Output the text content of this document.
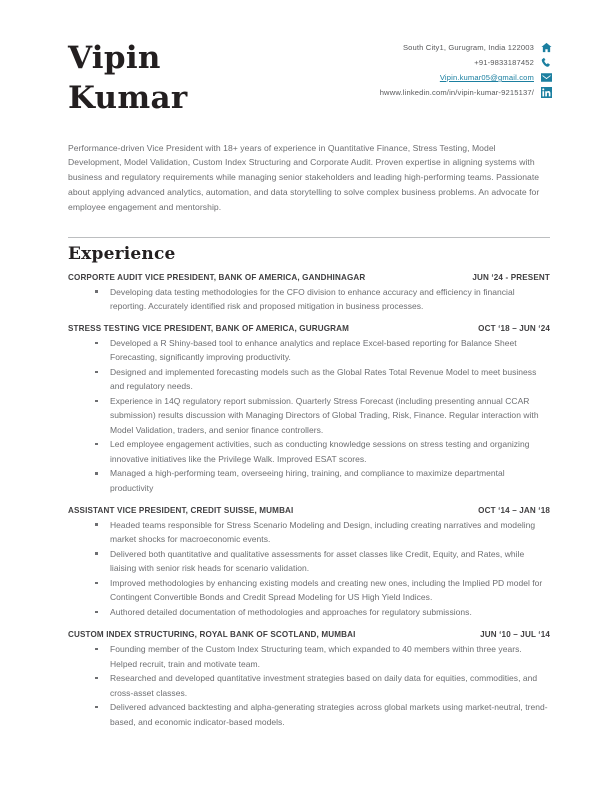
Vipin
Kumar
South City1, Gurugram, India 122003
+91-9833187452
Vipin.kumar05@gmail.com
hwww.linkedin.com/in/vipin-kumar-9215137/
Performance-driven Vice President with 18+ years of experience in Quantitative Finance, Stress Testing, Model Development, Model Validation, Custom Index Structuring and Corporate Audit. Proven expertise in aligning systems with business and regulatory requirements while managing senior stakeholders and leading high-performing teams. Passionate about applying advanced analytics, automation, and data storytelling to solve complex business problems. An advocate for employee engagement and mentorship.
Experience
CORPORTE AUDIT VICE PRESIDENT, BANK OF AMERICA, GANDHINAGAR	JUN ‘24 - PRESENT
Developing data testing methodologies for the CFO division to enhance accuracy and efficiency in financial reporting. Accurately identified risk and proposed mitigation in business processes.
STRESS TESTING VICE PRESIDENT, BANK OF AMERICA, GURUGRAM	OCT ‘18 – JUN ‘24
Developed a R Shiny-based tool to enhance analytics and replace Excel-based reporting for Balance Sheet Forecasting, significantly improving productivity.
Designed and implemented forecasting models such as the Global Rates Total Revenue Model to meet business and regulatory needs.
Experience in 14Q regulatory report submission. Quarterly Stress Forecast (including presenting annual CCAR submission) results discussion with Managing Directors of Global Trading, Risk, Finance. Regular interaction with Model Validation, traders, and senior finance controllers.
Led employee engagement activities, such as conducting knowledge sessions on stress testing and organizing innovative initiatives like the Privilege Walk. Improved ESAT scores.
Managed a high-performing team, overseeing hiring, training, and compliance to maximize departmental productivity
ASSISTANT VICE PRESIDENT, CREDIT SUISSE, MUMBAI	OCT ‘14 – JAN ‘18
Headed teams responsible for Stress Scenario Modeling and Design, including creating narratives and modeling market shocks for macroeconomic events.
Delivered both quantitative and qualitative assessments for asset classes like Credit, Equity, and Rates, while liaising with senior risk heads for scenario validation.
Improved methodologies by enhancing existing models and creating new ones, including the Implied PD model for Contingent Convertible Bonds and Credit Spread Modeling for US High Yield Indices.
Authored detailed documentation of methodologies and approaches for regulatory submissions.
CUSTOM INDEX STRUCTURING, ROYAL BANK OF SCOTLAND, MUMBAI	JUN ‘10 – JUL ‘14
Founding member of the Custom Index Structuring team, which expanded to 40 members within three years. Helped recruit, train and motivate team.
Researched and developed quantitative investment strategies based on daily data for equities, commodities, and cross-asset classes.
Delivered advanced backtesting and alpha-generating strategies across global markets using market-neutral, trend-based, and economic indicator-based models.
